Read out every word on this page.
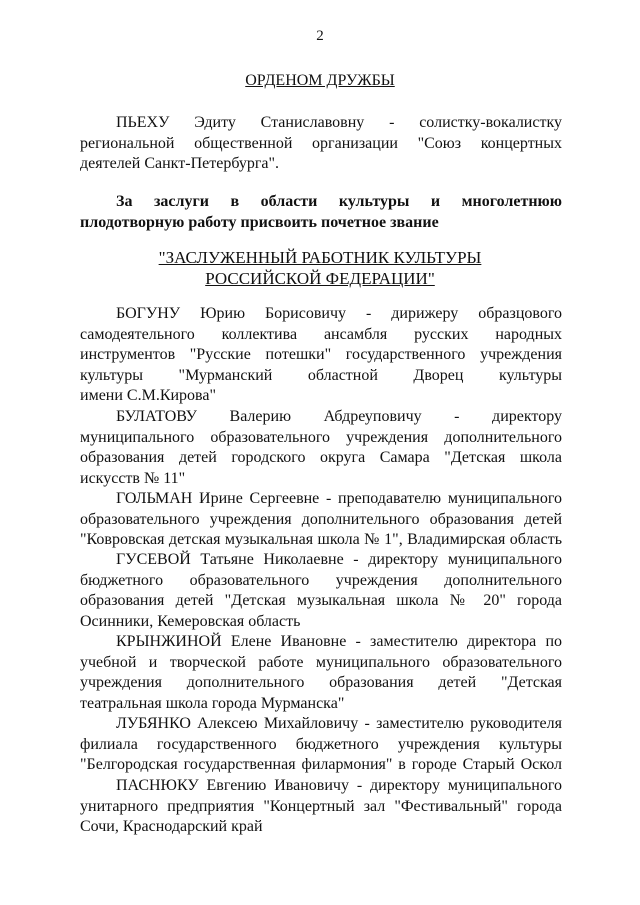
2
ОРДЕНОМ ДРУЖБЫ
ПЬЕХУ Эдиту Станиславовну - солистку-вокалистку
региональной общественной организации "Союз концертных
деятелей Санкт-Петербурга".
За заслуги в области культуры и многолетнюю
плодотворную работу присвоить почетное звание
"ЗАСЛУЖЕННЫЙ РАБОТНИК КУЛЬТУРЫ
РОССИЙСКОЙ ФЕДЕРАЦИИ"
БОГУНУ Юрию Борисовичу - дирижеру образцового
самодеятельного коллектива ансамбля русских народных
инструментов "Русские потешки" государственного учреждения
культуры "Мурманский областной Дворец культуры
имени С.М.Кирова"
БУЛАТОВУ Валерию Абдреуповичу - директору
муниципального образовательного учреждения дополнительного
образования детей городского округа Самара "Детская школа
искусств № 11"
ГОЛЬМАН Ирине Сергеевне - преподавателю муниципального
образовательного учреждения дополнительного образования детей
"Ковровская детская музыкальная школа № 1", Владимирская область
ГУСЕВОЙ Татьяне Николаевне - директору муниципального
бюджетного образовательного учреждения дополнительного
образования детей "Детская музыкальная школа № 20" города
Осинники, Кемеровская область
КРЫНЖИНОЙ Елене Ивановне - заместителю директора по
учебной и творческой работе муниципального образовательного
учреждения дополнительного образования детей "Детская
театральная школа города Мурманска"
ЛУБЯНКО Алексею Михайловичу - заместителю руководителя
филиала государственного бюджетного учреждения культуры
"Белгородская государственная филармония" в городе Старый Оскол
ПАСНЮКУ Евгению Ивановичу - директору муниципального
унитарного предприятия "Концертный зал "Фестивальный" города
Сочи, Краснодарский край
